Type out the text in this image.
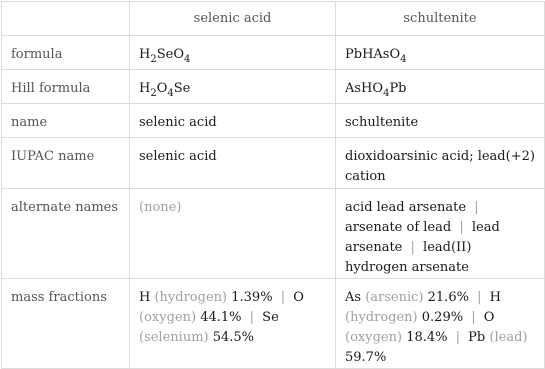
	selenic acid	schultenite
formula	$H_2SeO_4$	PbHAsO$_4$
Hill formula	$H_2O_4Se$	AsHO$_4$Pb
name	selenic acid	schultenite
IUPAC name	selenic acid	dioxidoarsinic acid; lead(+2) cation
alternate names	(none)	acid lead arsenate | arsenate of lead | lead arsenate | lead(II) hydrogen arsenate
mass fractions	H (hydrogen) 1.39% | O (oxygen) 44.1% | Se (selenium) 54.5%	As (arsenic) 21.6% | H (hydrogen) 0.29% | O (oxygen) 18.4% | Pb (lead) 59.7%
